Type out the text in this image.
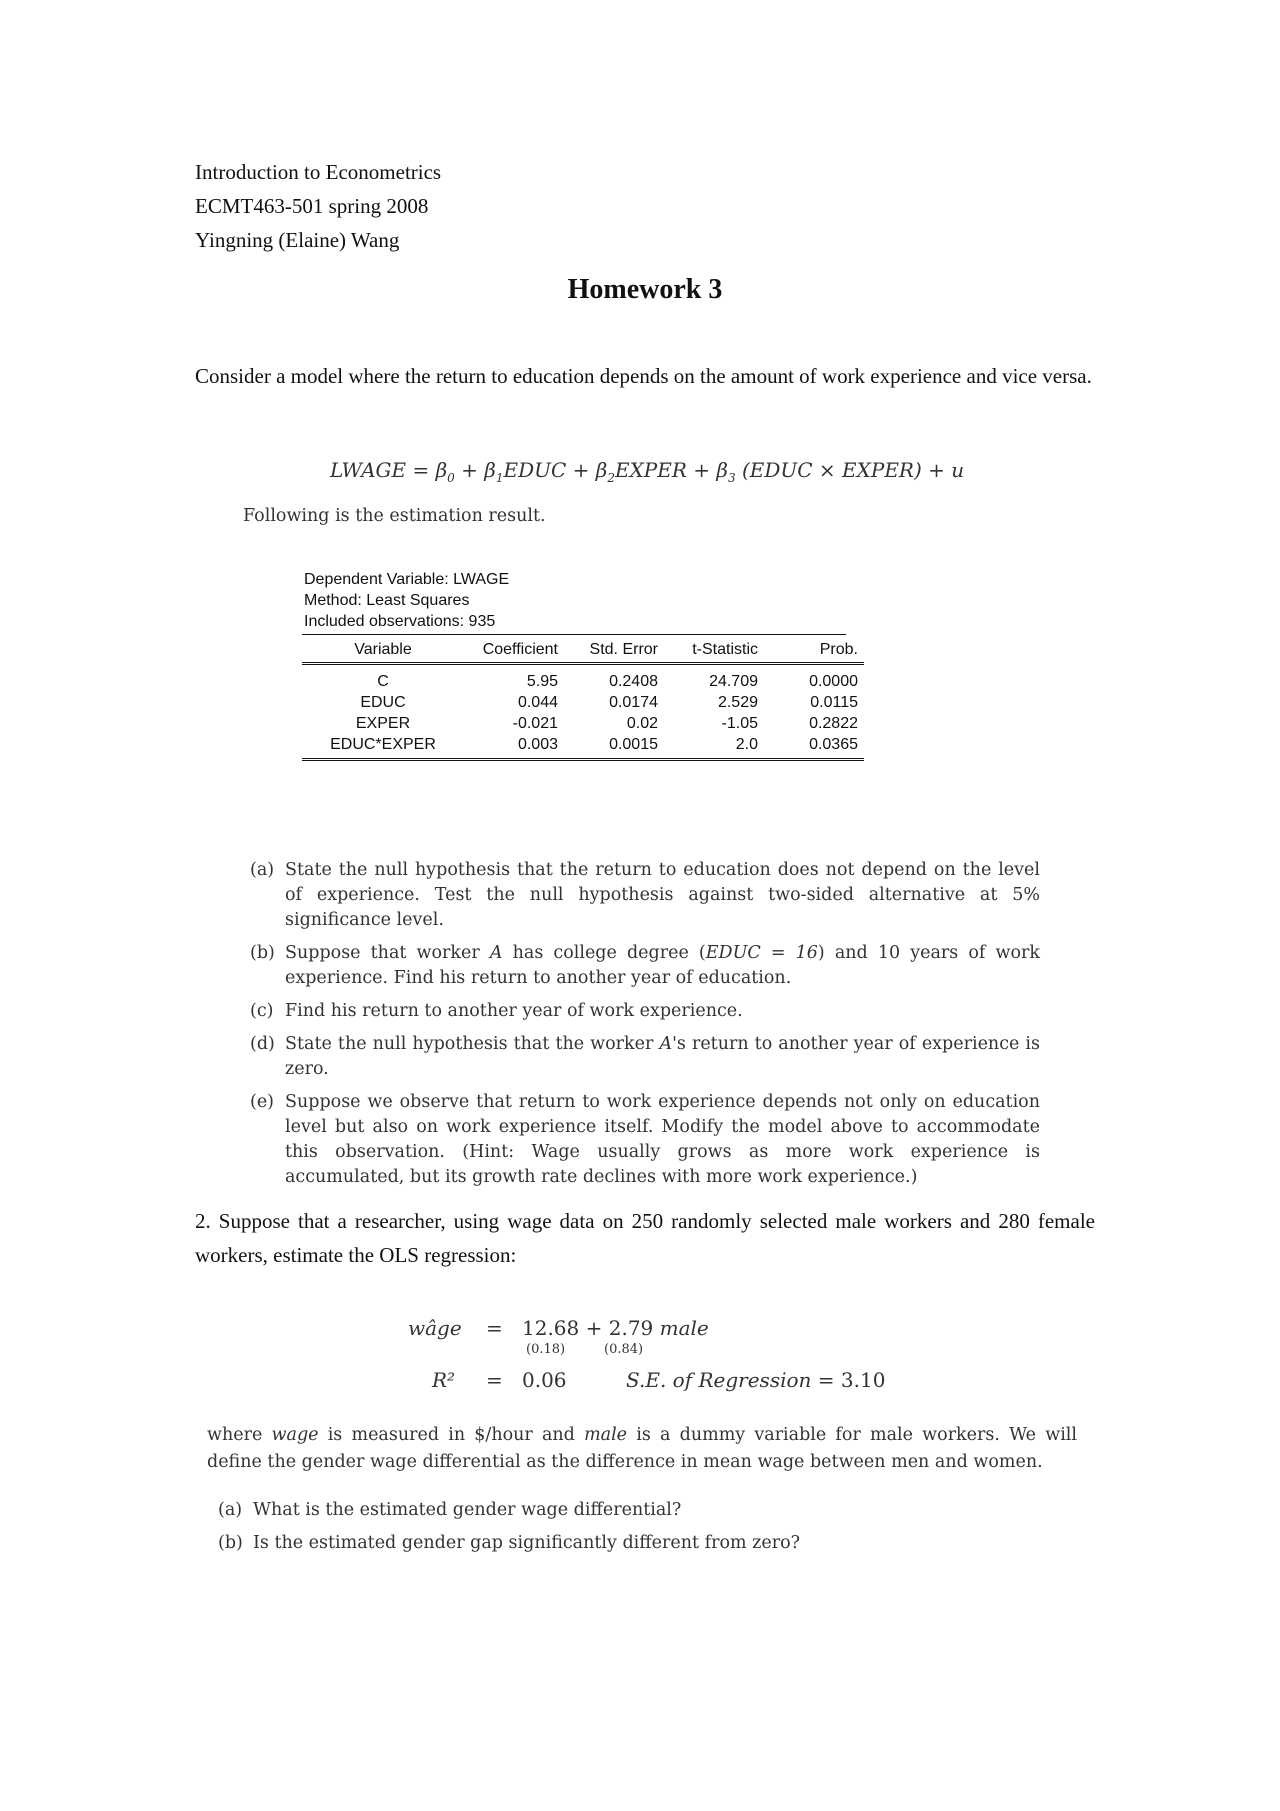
Introduction to Econometrics
ECMT463-501 spring 2008
Yingning (Elaine) Wang
Homework 3
Consider a model where the return to education depends on the amount of work experience and vice versa.
LWAGE = $\beta_0$ + $\beta_1EDUC$ + $\beta_2EXPER + \beta_3$ (EDUC × EXPER) + u
Following is the estimation result.
Dependent Variable: LWAGE
Method: Least Squares
Included observations: 935
Variable	Coefficient	Std. Error	t-Statistic	Prob.
C	5.95	0.2408	24.709	0.0000
EDUC	0.044	0.0174	2.529	0.0115
EXPER	-0.021	0.02	-1.05	0.2822
EDUC*EXPER	0.003	0.0015	2.0	0.0365
(a) State the null hypothesis that the return to education does not depend on the level of experience. Test the null hypothesis against two-sided alternative at 5% significance level.
(b) Suppose that worker A has college degree (EDUC = 16) and 10 years of work experience. Find his return to another year of education.
(c) Find his return to another year of work experience.
(d) State the null hypothesis that the worker A's return to another year of experience is zero.
(e) Suppose we observe that return to work experience depends not only on education level but also on work experience itself. Modify the model above to accommodate this observation. (Hint: Wage usually grows as more work experience is accumulated, but its growth rate declines with more work experience.)
2. Suppose that a researcher, using wage data on 250 randomly selected male workers and 280 female workers, estimate the OLS regression:
wâge = 12.68 + 2.79 male
(0.18)	(0.84)
R² = 0.06	S.E. of Regression = 3.10
where wage is measured in $/hour and male is a dummy variable for male workers. We will define the gender wage differential as the difference in mean wage between men and women.
(a) What is the estimated gender wage differential?
(b) Is the estimated gender gap significantly different from zero?
